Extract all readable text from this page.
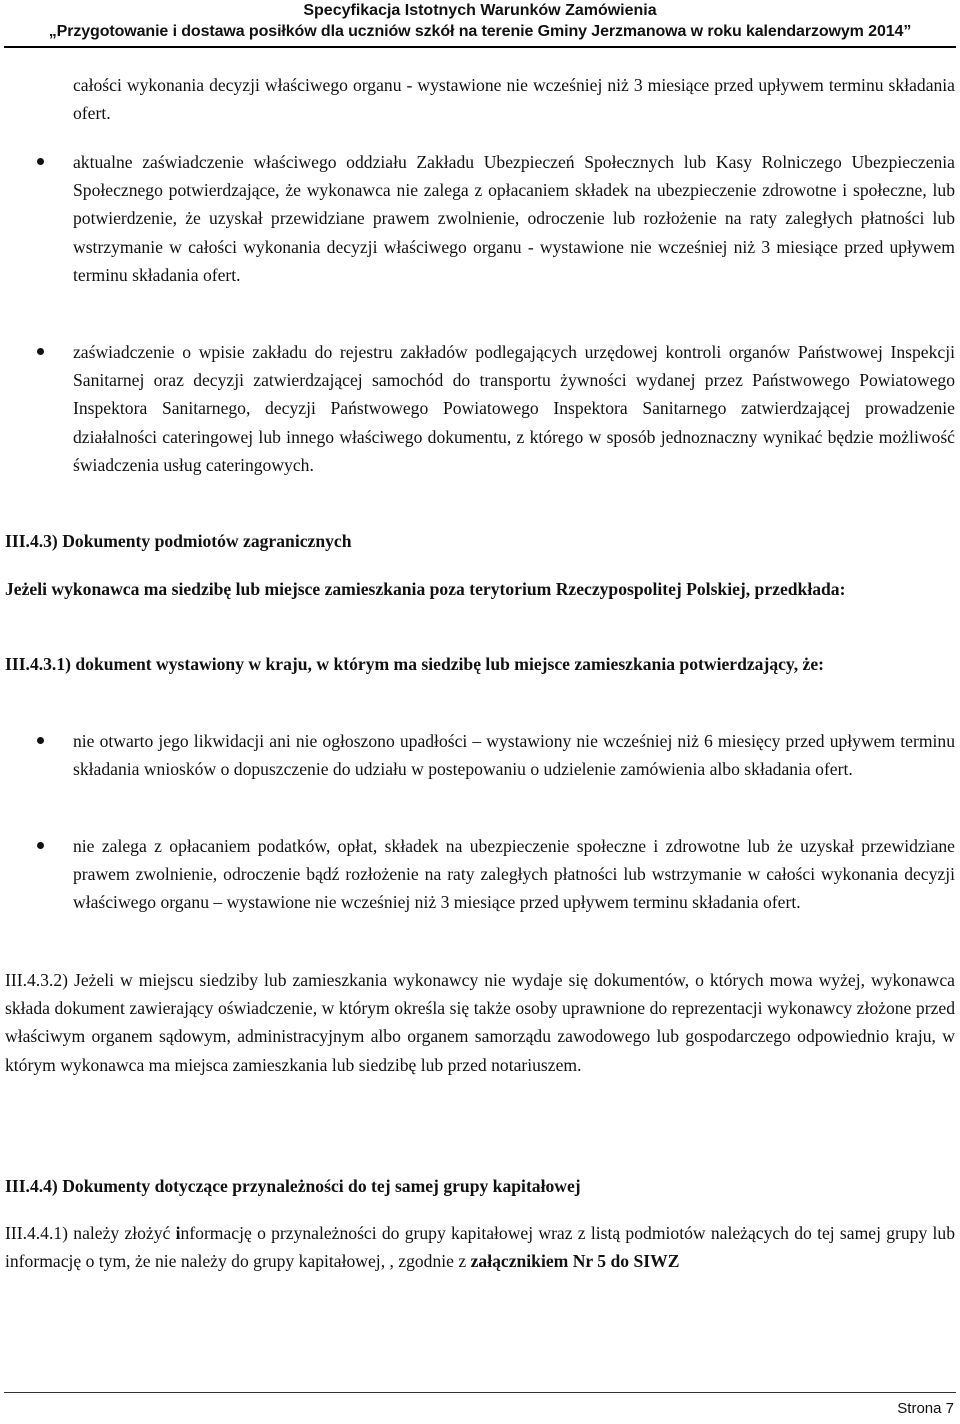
Specyfikacja Istotnych Warunków Zamówienia
„Przygotowanie i dostawa posiłków dla uczniów szkół na terenie Gminy Jerzmanowa w roku kalendarzowym 2014”
całości wykonania decyzji właściwego organu - wystawione nie wcześniej niż 3 miesiące przed upływem terminu składania ofert.
aktualne zaświadczenie właściwego oddziału Zakładu Ubezpieczeń Społecznych lub Kasy Rolniczego Ubezpieczenia Społecznego potwierdzające, że wykonawca nie zalega z opłacaniem składek na ubezpieczenie zdrowotne i społeczne, lub potwierdzenie, że uzyskał przewidziane prawem zwolnienie, odroczenie lub rozłożenie na raty zaległych płatności lub wstrzymanie w całości wykonania decyzji właściwego organu - wystawione nie wcześniej niż 3 miesiące przed upływem terminu składania ofert.
zaświadczenie o wpisie zakładu do rejestru zakładów podlegających urzędowej kontroli organów Państwowej Inspekcji Sanitarnej oraz decyzji zatwierdzającej samochód do transportu żywności wydanej przez Państwowego Powiatowego Inspektora Sanitarnego, decyzji Państwowego Powiatowego Inspektora Sanitarnego zatwierdzającej prowadzenie działalności cateringowej lub innego właściwego dokumentu, z którego w sposób jednoznaczny wynikać będzie możliwość świadczenia usług cateringowych.
III.4.3) Dokumenty podmiotów zagranicznych
Jeżeli wykonawca ma siedzibę lub miejsce zamieszkania poza terytorium Rzeczypospolitej Polskiej, przedkłada:
III.4.3.1) dokument wystawiony w kraju, w którym ma siedzibę lub miejsce zamieszkania potwierdzający, że:
nie otwarto jego likwidacji ani nie ogłoszono upadłości – wystawiony nie wcześniej niż 6 miesięcy przed upływem terminu składania wniosków o dopuszczenie do udziału w postepowaniu o udzielenie zamówienia albo składania ofert.
nie zalega z opłacaniem podatków, opłat, składek na ubezpieczenie społeczne i zdrowotne lub że uzyskał przewidziane prawem zwolnienie, odroczenie bądź rozłożenie na raty zaległych płatności lub wstrzymanie w całości wykonania decyzji właściwego organu – wystawione nie wcześniej niż 3 miesiące przed upływem terminu składania ofert.
III.4.3.2) Jeżeli w miejscu siedziby lub zamieszkania wykonawcy nie wydaje się dokumentów, o których mowa wyżej, wykonawca składa dokument zawierający oświadczenie, w którym określa się także osoby uprawnione do reprezentacji wykonawcy złożone przed właściwym organem sądowym, administracyjnym albo organem samorządu zawodowego lub gospodarczego odpowiednio kraju, w którym wykonawca ma miejsca zamieszkania lub siedzibę lub przed notariuszem.
III.4.4) Dokumenty dotyczące przynależności do tej samej grupy kapitałowej
III.4.4.1) należy złożyć informację o przynależności do grupy kapitałowej wraz z listą podmiotów należących do tej samej grupy lub informację o tym, że nie należy do grupy kapitałowej, , zgodnie z załącznikiem Nr 5 do SIWZ
Strona 7
